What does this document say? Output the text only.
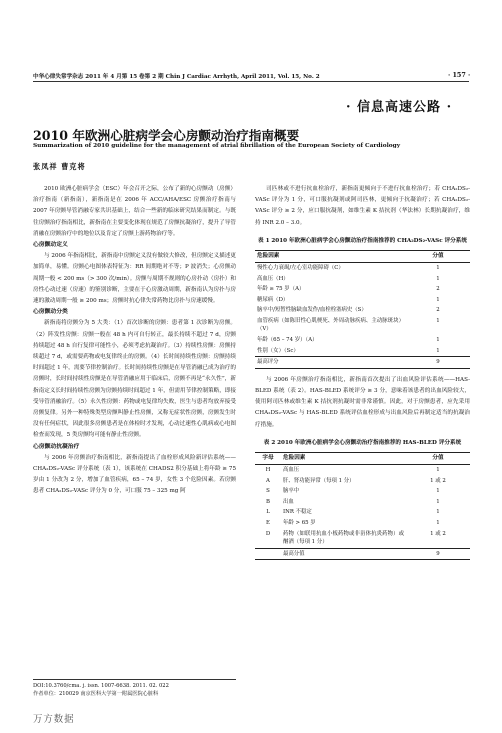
中华心律失常学杂志 2011 年 4 月第 15 卷第 2 期 Chin J Cardiac Arrhyth, April 2011, Vol. 15, No. 2	· 157 ·
· 信息高速公路 ·
2010 年欧洲心脏病学会心房颤动治疗指南概要
Summarization of 2010 guideline for the management of atrial fibrillation of the European Society of Cardiology
张凤祥 曹克将

2010 欧洲心脏病学会（ESC）年会召开之际，公布了新的心房颤动（房颤）治疗指南（新指南），新指南是在 2006 年 ACC/AHA/ESC 房颤治疗指南与 2007 年房颤导管消融专家共识基础上，结合一些新的临床研究结果而制定。与既往房颤治疗指南相比，新指南在主要变化体现在规范了房颤抗凝治疗，提升了导管消融在房颤治疗中的地位以及肯定了房颤上游药物治疗等。

心房颤动定义

与 2006 年指南相比，新指南中房颤定义没有做较大修改，但房颤定义描述更加简单，易懂。房颤心电图体表特征为：RR 间期绝对不等；P 波消失；心房颤动周期一般 < 200 ms（> 300 次/min）。房颤与周期不规则的心房扑动（房扑）和房性心动过速（房速）的鉴别诊断，主要在于心房激动周期，新指南认为房扑与房速的激动周期一般 ≥ 200 ms；房颤时抗心律失常药物比房扑与房速缓慢。

心房颤动分类

新指南将房颤分为 5 大类：（1）首次诊断的房颤：患者第 1 次诊断为房颤。（2）阵发性房颤：房颤一般在 48 h 内可自行转正，最长持续不超过 7 d，房颤持续超过 48 h 自行复律可能性小，必须考虑抗凝治疗。（3）持续性房颤：房颤持续超过 7 d，或需要药物或电复律终止的房颤。（4）长时间持续性房颤：房颤持续时间超过 1 年，需要节律控制治疗。长时间持续性房颤是在导管消融已成为治疗的房颤时，长时间持续性房颤是在导管消融应用于临床后，房颤不再是“永久性”，新指南定义长时间持续性房颤为房颤持续时间超过 1 年，但需用节律控制策略，即接受导管消融治疗。（5）永久性房颤：药物或电复律均失败，医生与患者均放弃接受房颤复律。另外一种特殊类型房颤叫静止性房颤，又称无症状性房颤，房颤发生时没有任何症状，因此很多房颤患者是在体检时才发现，心动过速性心肌病或心电图检查而发现，5 类房颤均可能有静止性房颤。

心房颤动抗凝治疗

与 2006 年房颤治疗指南相比，新指南提出了血栓形成风险新评估系统——CHA₂DS₂-VASc 评分系统（表 1），该系统在 CHADS2 积分基础上将年龄 ≥ 75 岁由 1 分改为 2 分，增加了血管疾病，65 – 74 岁，女性 3 个危险因素。若房颤患者 CHA₂DS₂-VASc 评分为 0 分，可口服 75 – 325 mg 阿

司匹林或不进行抗血栓治疗，新指南更倾向于不进行抗血栓治疗；若 CHA₂DS₂-VASc 评分为 1 分，可口服抗凝剂或阿司匹林，更倾向于抗凝治疗；若 CHA₂DS₂-VASc 评分 ≥ 2 分，应口服抗凝剂，如维生素 K 拮抗剂（华法林）长期抗凝治疗，维持 INR 2.0 – 3.0。

表 1 2010 年欧洲心脏病学会心房颤动治疗指南推荐的 CHA₂DS₂-VASc 评分系统
危险因素	分值
慢性心力衰竭/左心室功能障碍（C）	1
高血压（H）	1
年龄 ≥ 75 岁（A）	2
糖尿病（D）	1
脑卒中/短暂性脑缺血发作/血栓栓塞病史（S）	2
血管疾病（如陈旧性心肌梗死、外周动脉疾病、主动脉斑块）（V）	1
年龄（65 – 74 岁）（A）	1
性别（女）（Sc）	1
最高评分	9

与 2006 年房颤治疗指南相比，新指南首次提出了出血风险评估系统——HAS-BLED 系统（表 2）。HAS-BLED 系统评分 ≥ 3 分，意味着该患者的出血风险较大，使用阿司匹林或维生素 K 拮抗剂抗凝时需非常谨慎。因此，对于房颤患者，应先采用 CHA₂DS₂-VASc 与 HAS-BLED 系统评估血栓形成与出血风险后再制定适当的抗凝治疗措施。

表 2 2010 年欧洲心脏病学会心房颤动治疗指南推荐的 HAS-BLED 评分系统
字母	危险因素	分值
H	高血压	1
A	肝、肾功能异常（每项 1 分）	1 或 2
S	脑卒中	1
B	出血	1
L	INR 不稳定	1
E	年龄 > 65 岁	1
D	药物（如联用抗血小板药物或非甾体抗炎药物）或酗酒（每项 1 分）	1 或 2
	最高分值	9
DOI:10.3760/cma. j. issn. 1007-6638. 2011. 02. 022
作者单位：210029 南京医科大学第一附属医院心脏科
万方数据
